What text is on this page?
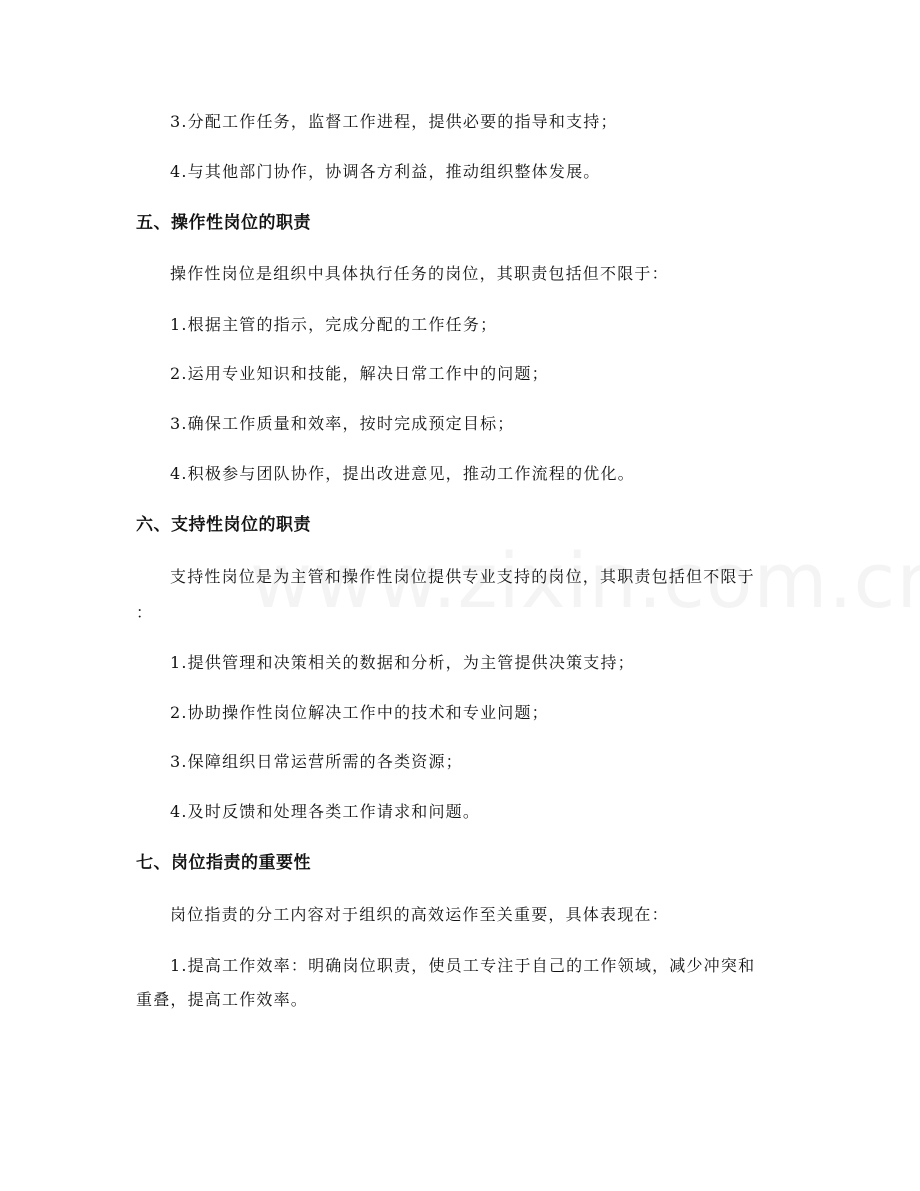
3.分配工作任务，监督工作进程，提供必要的指导和支持；
4.与其他部门协作，协调各方利益，推动组织整体发展。
五、操作性岗位的职责
操作性岗位是组织中具体执行任务的岗位，其职责包括但不限于：
1.根据主管的指示，完成分配的工作任务；
2.运用专业知识和技能，解决日常工作中的问题；
3.确保工作质量和效率，按时完成预定目标；
4.积极参与团队协作，提出改进意见，推动工作流程的优化。
六、支持性岗位的职责
支持性岗位是为主管和操作性岗位提供专业支持的岗位，其职责包括但不限于
：
1.提供管理和决策相关的数据和分析，为主管提供决策支持；
2.协助操作性岗位解决工作中的技术和专业问题；
3.保障组织日常运营所需的各类资源；
4.及时反馈和处理各类工作请求和问题。
七、岗位指责的重要性
岗位指责的分工内容对于组织的高效运作至关重要，具体表现在：
1.提高工作效率：明确岗位职责，使员工专注于自己的工作领域，减少冲突和
重叠，提高工作效率。
